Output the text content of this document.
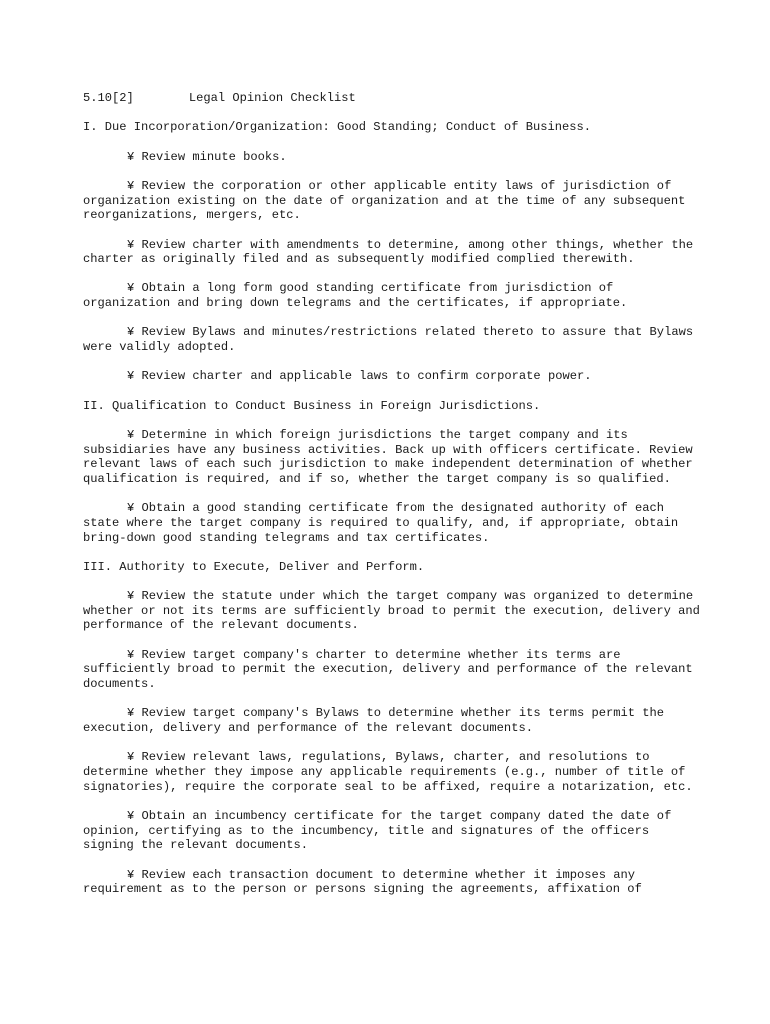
5.10[2]	Legal Opinion Checklist
I. Due Incorporation/Organization: Good Standing; Conduct of Business.

¥ Review minute books.

¥ Review the corporation or other applicable entity laws of jurisdiction of organization existing on the date of organization and at the time of any subsequent reorganizations, mergers, etc.

¥ Review charter with amendments to determine, among other things, whether the charter as originally filed and as subsequently modified complied therewith.

¥ Obtain a long form good standing certificate from jurisdiction of organization and bring down telegrams and the certificates, if appropriate.

¥ Review Bylaws and minutes/restrictions related thereto to assure that Bylaws were validly adopted.

¥ Review charter and applicable laws to confirm corporate power.

II. Qualification to Conduct Business in Foreign Jurisdictions.

¥ Determine in which foreign jurisdictions the target company and its subsidiaries have any business activities. Back up with officers certificate. Review relevant laws of each such jurisdiction to make independent determination of whether qualification is required, and if so, whether the target company is so qualified.

¥ Obtain a good standing certificate from the designated authority of each state where the target company is required to qualify, and, if appropriate, obtain bring-down good standing telegrams and tax certificates.

III. Authority to Execute, Deliver and Perform.

¥ Review the statute under which the target company was organized to determine whether or not its terms are sufficiently broad to permit the execution, delivery and performance of the relevant documents.

¥ Review target company's charter to determine whether its terms are sufficiently broad to permit the execution, delivery and performance of the relevant documents.

¥ Review target company's Bylaws to determine whether its terms permit the execution, delivery and performance of the relevant documents.

¥ Review relevant laws, regulations, Bylaws, charter, and resolutions to determine whether they impose any applicable requirements (e.g., number of title of signatories), require the corporate seal to be affixed, require a notarization, etc.

¥ Obtain an incumbency certificate for the target company dated the date of opinion, certifying as to the incumbency, title and signatures of the officers signing the relevant documents.

¥ Review each transaction document to determine whether it imposes any requirement as to the person or persons signing the agreements, affixation of
